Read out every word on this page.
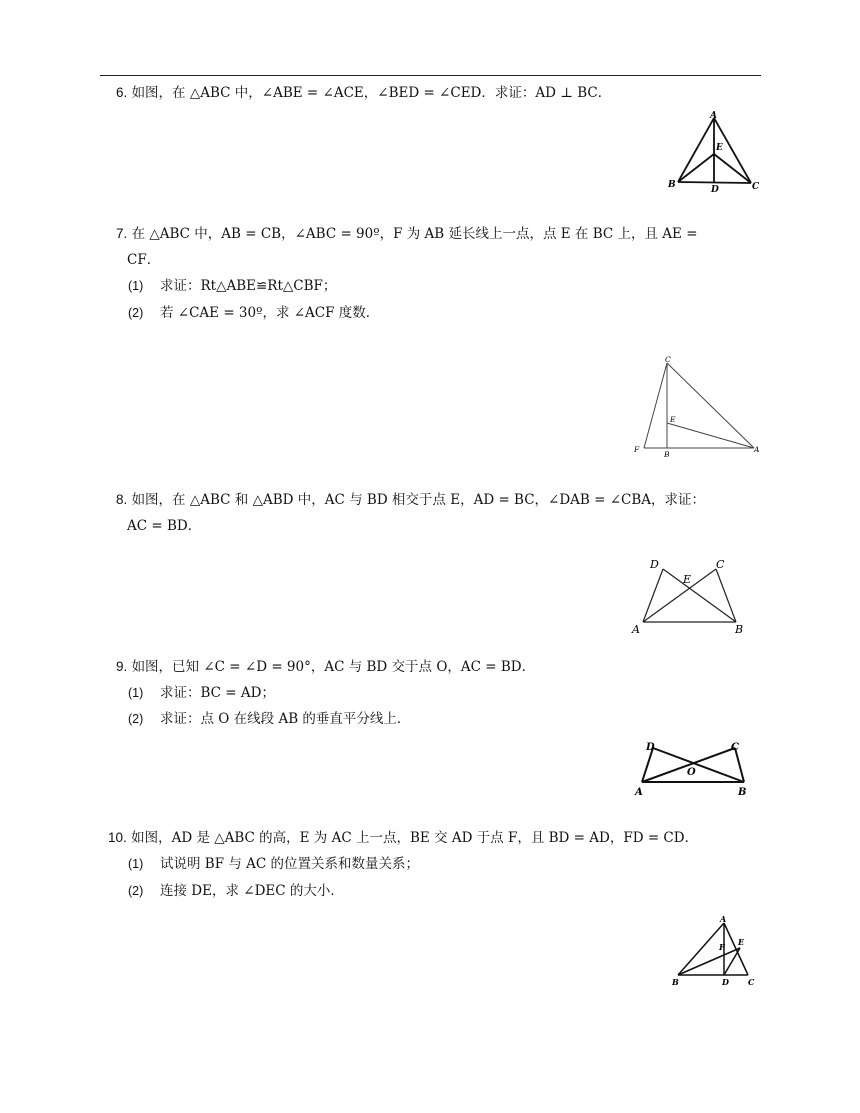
6. 如图，在 △ABC 中，∠ABE = ∠ACE，∠BED = ∠CED．求证：AD ⊥ BC．
A
B	C
D
E
7. 在 △ABC 中，AB = CB，∠ABC = 90º，F 为 AB 延长线上一点，点 E 在 BC 上，且 AE =
CF．
(1) 求证：Rt△ABE≌Rt△CBF；
(2) 若 ∠CAE = 30º，求 ∠ACF 度数．
C
E
F
B
A
8. 如图，在 △ABC 和 △ABD 中，AC 与 BD 相交于点 E，AD = BC，∠DAB = ∠CBA，求证：
AC = BD．
D	C
E
A	B
9. 如图，已知 ∠C = ∠D = 90°，AC 与 BD 交于点 O，AC = BD．
(1) 求证：BC = AD；
(2) 求证：点 O 在线段 AB 的垂直平分线上．
D	C
O
A	B
10. 如图，AD 是 △ABC 的高，E 为 AC 上一点，BE 交 AD 于点 F，且 BD = AD，FD = CD．
(1) 试说明 BF 与 AC 的位置关系和数量关系；
(2) 连接 DE，求 ∠DEC 的大小．
A
F E
B	D C
